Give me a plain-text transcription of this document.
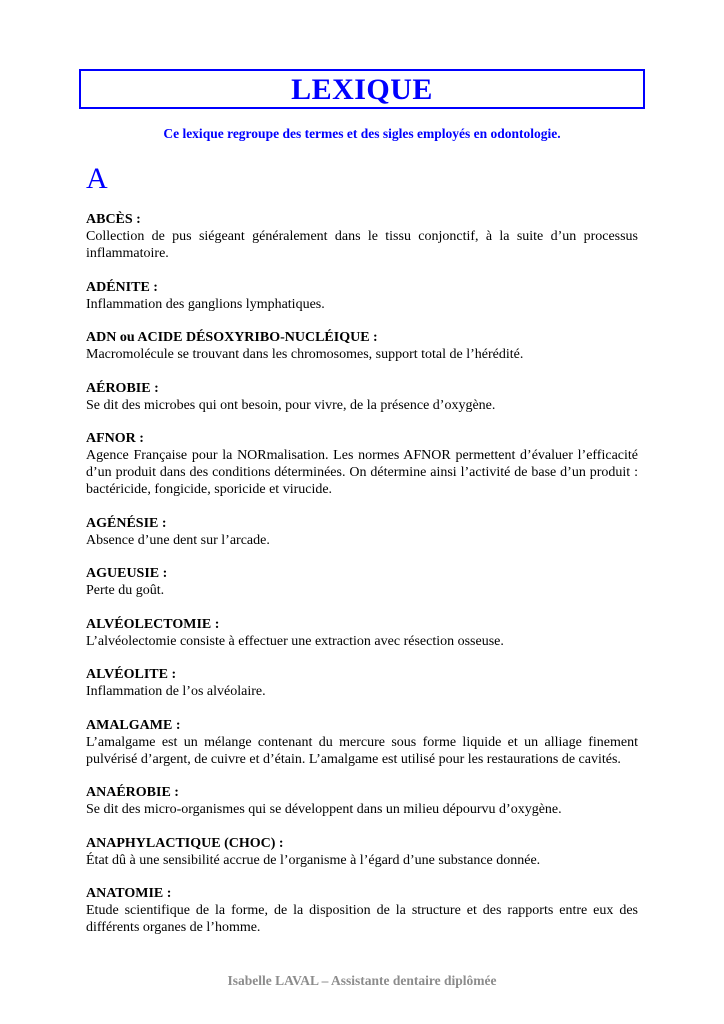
LEXIQUE
Ce lexique regroupe des termes et des sigles employés en odontologie.
A
ABCÈS :
Collection de pus siégeant généralement dans le tissu conjonctif, à la suite d’un processus inflammatoire.
ADÉNITE :
Inflammation des ganglions lymphatiques.
ADN ou ACIDE DÉSOXYRIBO-NUCLÉIQUE :
Macromolécule se trouvant dans les chromosomes, support total de l’hérédité.
AÉROBIE :
Se dit des microbes qui ont besoin, pour vivre, de la présence d’oxygène.
AFNOR :
Agence Française pour la NORmalisation. Les normes AFNOR permettent d’évaluer l’efficacité d’un produit dans des conditions déterminées. On détermine ainsi l’activité de base d’un produit : bactéricide, fongicide, sporicide et virucide.
AGÉNÉSIE :
Absence d’une dent sur l’arcade.
AGUEUSIE :
Perte du goût.
ALVÉOLECTOMIE :
L’alvéolectomie consiste à effectuer une extraction avec résection osseuse.
ALVÉOLITE :
Inflammation de l’os alvéolaire.
AMALGAME :
L’amalgame est un mélange contenant du mercure sous forme liquide et un alliage finement pulvérisé d’argent, de cuivre et d’étain. L’amalgame est utilisé pour les restaurations de cavités.
ANAÉROBIE :
Se dit des micro-organismes qui se développent dans un milieu dépourvu d’oxygène.
ANAPHYLACTIQUE (CHOC) :
État dû à une sensibilité accrue de l’organisme à l’égard d’une substance donnée.
ANATOMIE :
Etude scientifique de la forme, de la disposition de la structure et des rapports entre eux des différents organes de l’homme.
Isabelle LAVAL – Assistante dentaire diplômée
